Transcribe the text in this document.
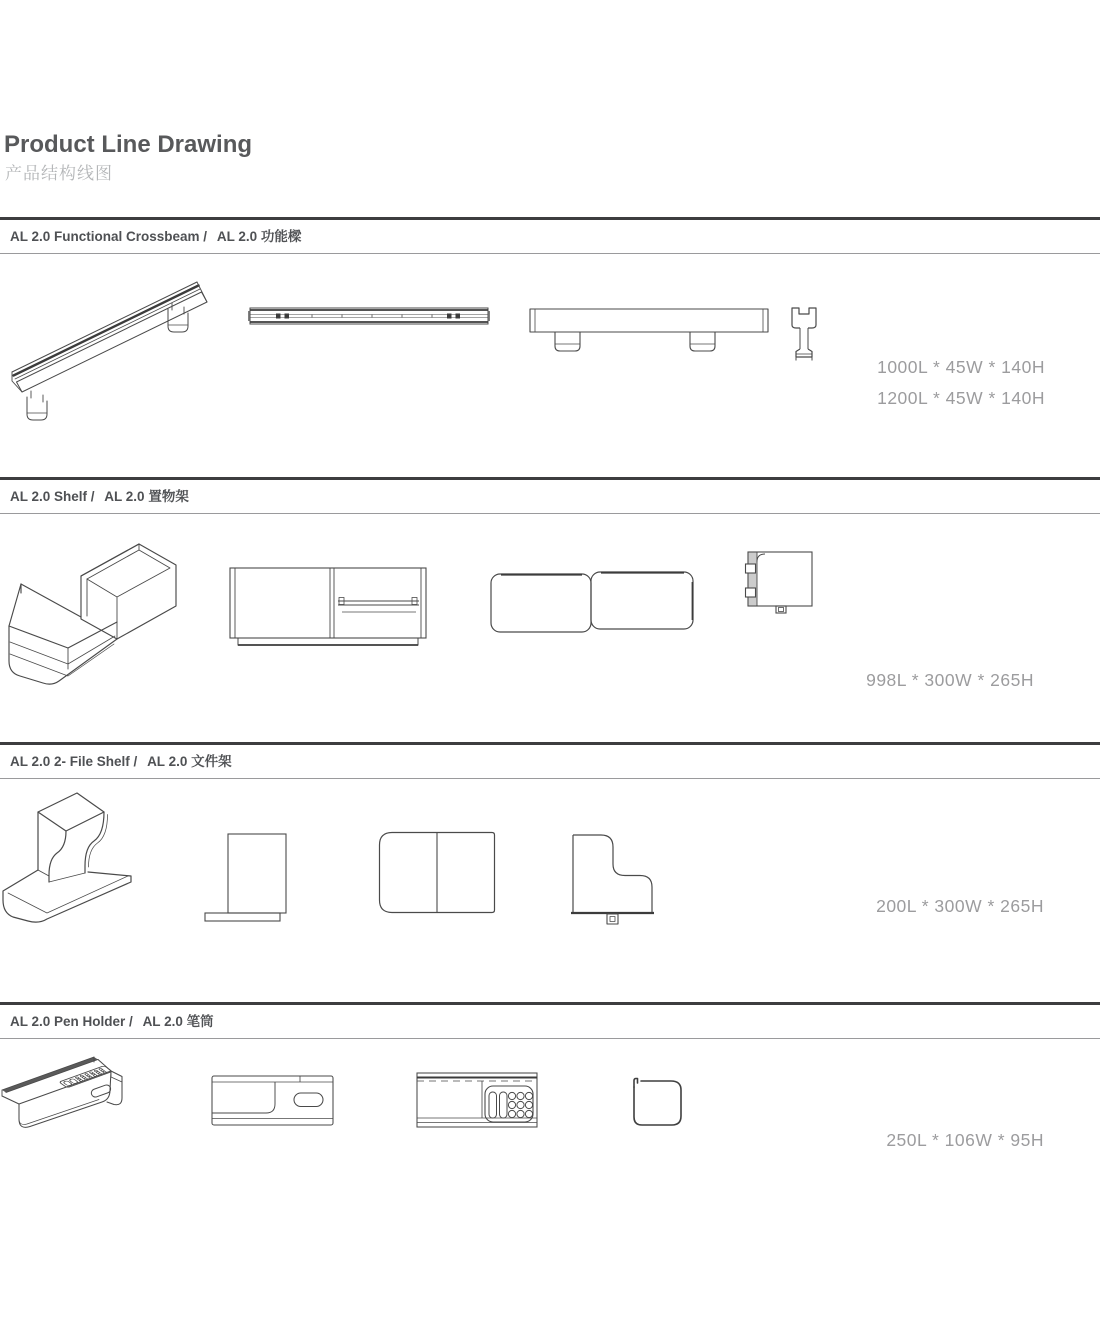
Product Line Drawing
产品结构线图
AL 2.0 Functional Crossbeam / AL 2.0 功能樑
1000L * 45W * 140H
1200L * 45W * 140H
AL 2.0 Shelf / AL 2.0 置物架
998L * 300W * 265H
AL 2.0 2- File Shelf / AL 2.0 文件架
200L * 300W * 265H
AL 2.0 Pen Holder / AL 2.0 笔筒
250L * 106W * 95H
